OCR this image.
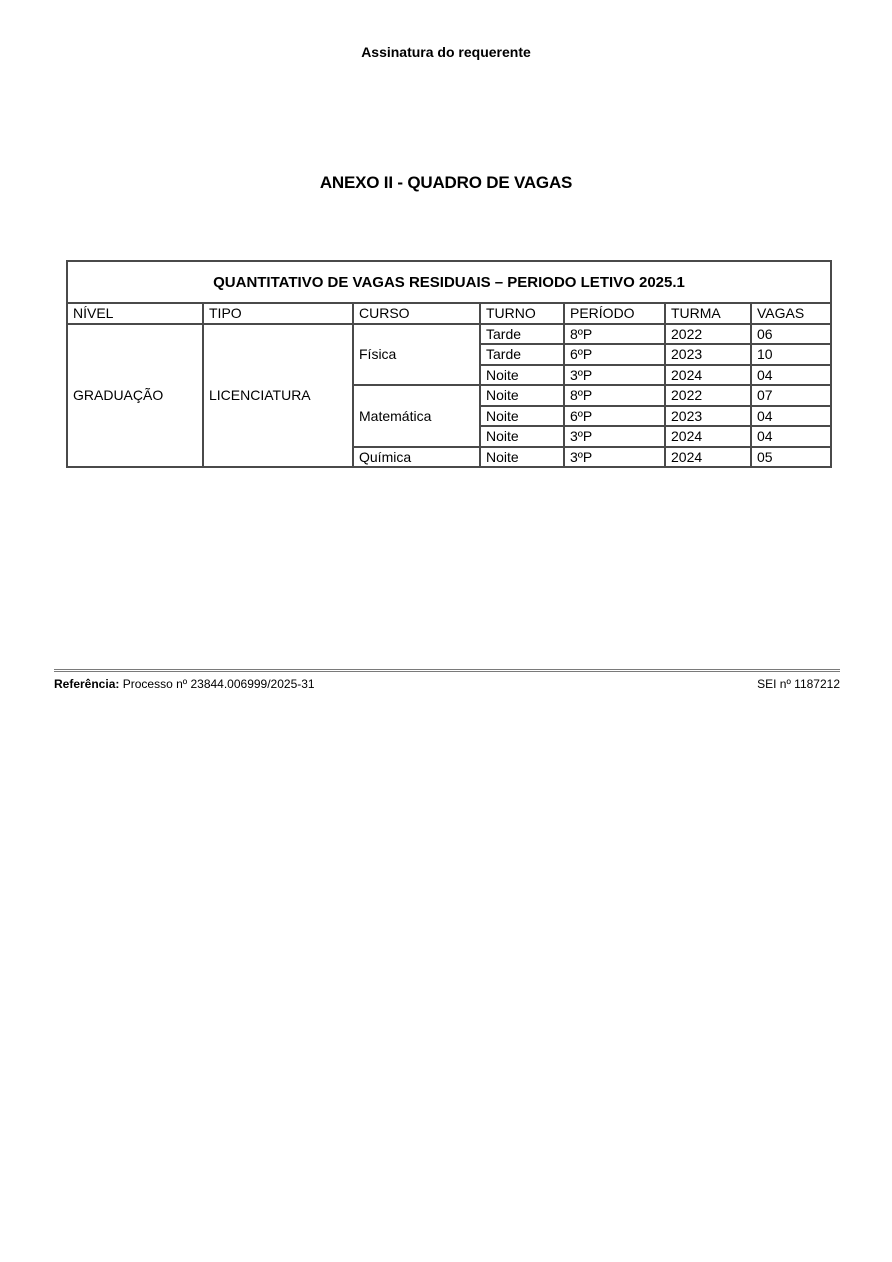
Assinatura do requerente
ANEXO II - QUADRO DE VAGAS
QUANTITATIVO DE VAGAS RESIDUAIS – PERIODO LETIVO 2025.1						
NÍVEL	TIPO	CURSO	TURNO	PERÍODO	TURMA	VAGAS
GRADUAÇÃO	LICENCIATURA	Física	Tarde	8ºP	2022	06
			Tarde	6ºP	2023	10
			Noite	3ºP	2024	04
		Matemática	Noite	8ºP	2022	07
			Noite	6ºP	2023	04
			Noite	3ºP	2024	04
		Química	Noite	3ºP	2024	05
Referência: Processo nº 23844.006999/2025-31	SEI nº 1187212
